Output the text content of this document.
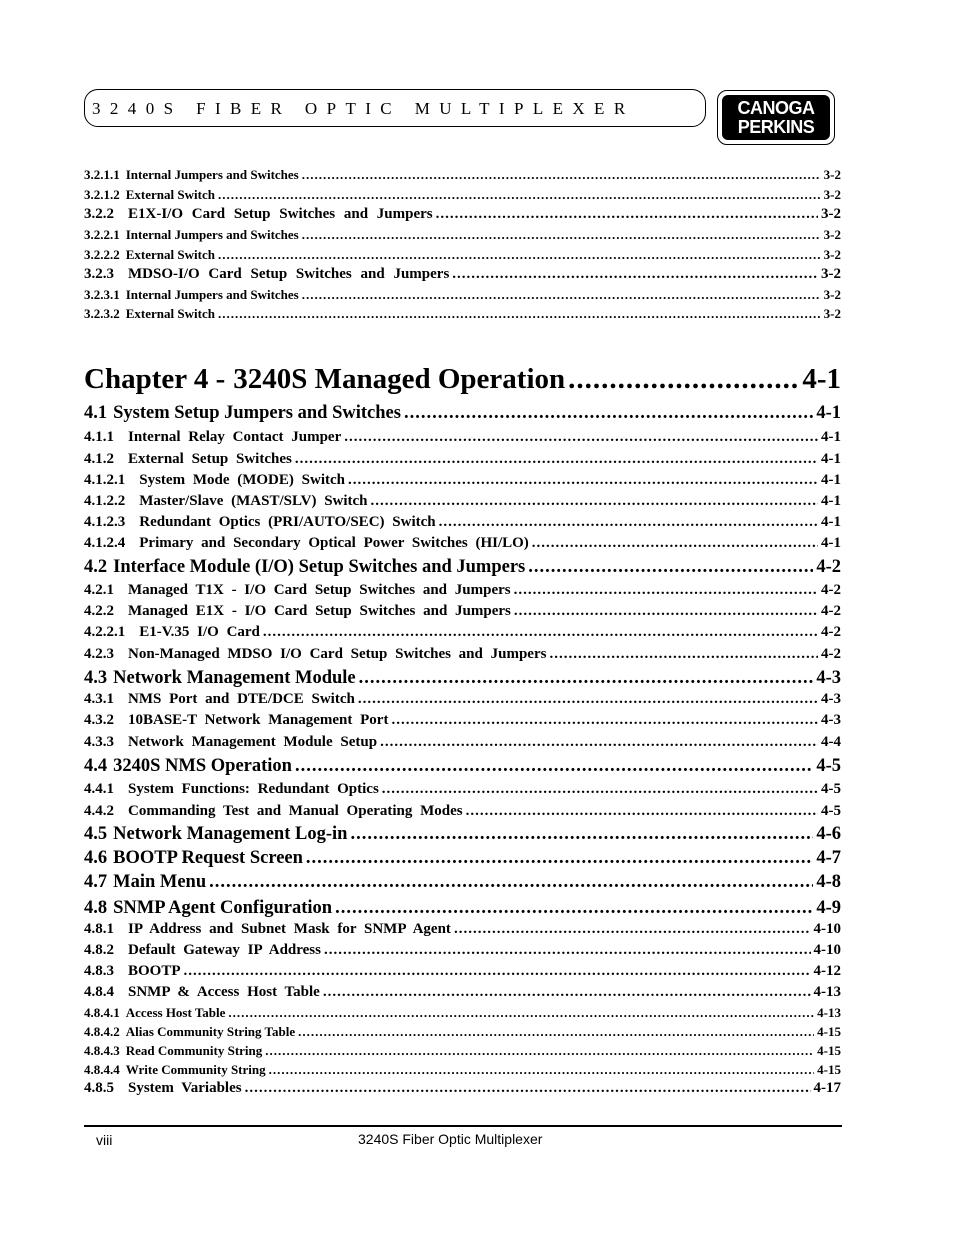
3240S FIBER OPTIC MULTIPLEXER	CANOGA
PERKINS
3.2.1.1 Internal Jumpers and Switches .....	3-2
3.2.1.2 External Switch .....	3-2
3.2.2 E1X-I/O Card Setup Switches and Jumpers .....	3-2
3.2.2.1 Internal Jumpers and Switches .....	3-2
3.2.2.2 External Switch .....	3-2
3.2.3 MDSO-I/O Card Setup Switches and Jumpers .....	3-2
3.2.3.1 Internal Jumpers and Switches .....	3-2
3.2.3.2 External Switch .....	3-2
Chapter 4 - 3240S Managed Operation .....	4-1
4.1 System Setup Jumpers and Switches .....	4-1
4.1.1 Internal Relay Contact Jumper .....	4-1
4.1.2 External Setup Switches .....	4-1
4.1.2.1 System Mode (MODE) Switch .....	4-1
4.1.2.2 Master/Slave (MAST/SLV) Switch .....	4-1
4.1.2.3 Redundant Optics (PRI/AUTO/SEC) Switch .....	4-1
4.1.2.4 Primary and Secondary Optical Power Switches (HI/LO) .....	4-1
4.2 Interface Module (I/O) Setup Switches and Jumpers .....	4-2
4.2.1 Managed T1X - I/O Card Setup Switches and Jumpers .....	4-2
4.2.2 Managed E1X - I/O Card Setup Switches and Jumpers .....	4-2
4.2.2.1 E1-V.35 I/O Card .....	4-2
4.2.3 Non-Managed MDSO I/O Card Setup Switches and Jumpers .....	4-2
4.3 Network Management Module .....	4-3
4.3.1 NMS Port and DTE/DCE Switch .....	4-3
4.3.2 10BASE-T Network Management Port .....	4-3
4.3.3 Network Management Module Setup .....	4-4
4.4 3240S NMS Operation .....	4-5
4.4.1 System Functions: Redundant Optics .....	4-5
4.4.2 Commanding Test and Manual Operating Modes .....	4-5
4.5 Network Management Log-in .....	4-6
4.6 BOOTP Request Screen .....	4-7
4.7 Main Menu .....	4-8
4.8 SNMP Agent Configuration .....	4-9
4.8.1 IP Address and Subnet Mask for SNMP Agent .....	4-10
4.8.2 Default Gateway IP Address .....	4-10
4.8.3 BOOTP .....	4-12
4.8.4 SNMP & Access Host Table .....	4-13
4.8.4.1 Access Host Table .....	4-13
4.8.4.2 Alias Community String Table .....	4-15
4.8.4.3 Read Community String .....	4-15
4.8.4.4 Write Community String .....	4-15
4.8.5 System Variables .....	4-17
viii	3240S Fiber Optic Multiplexer
